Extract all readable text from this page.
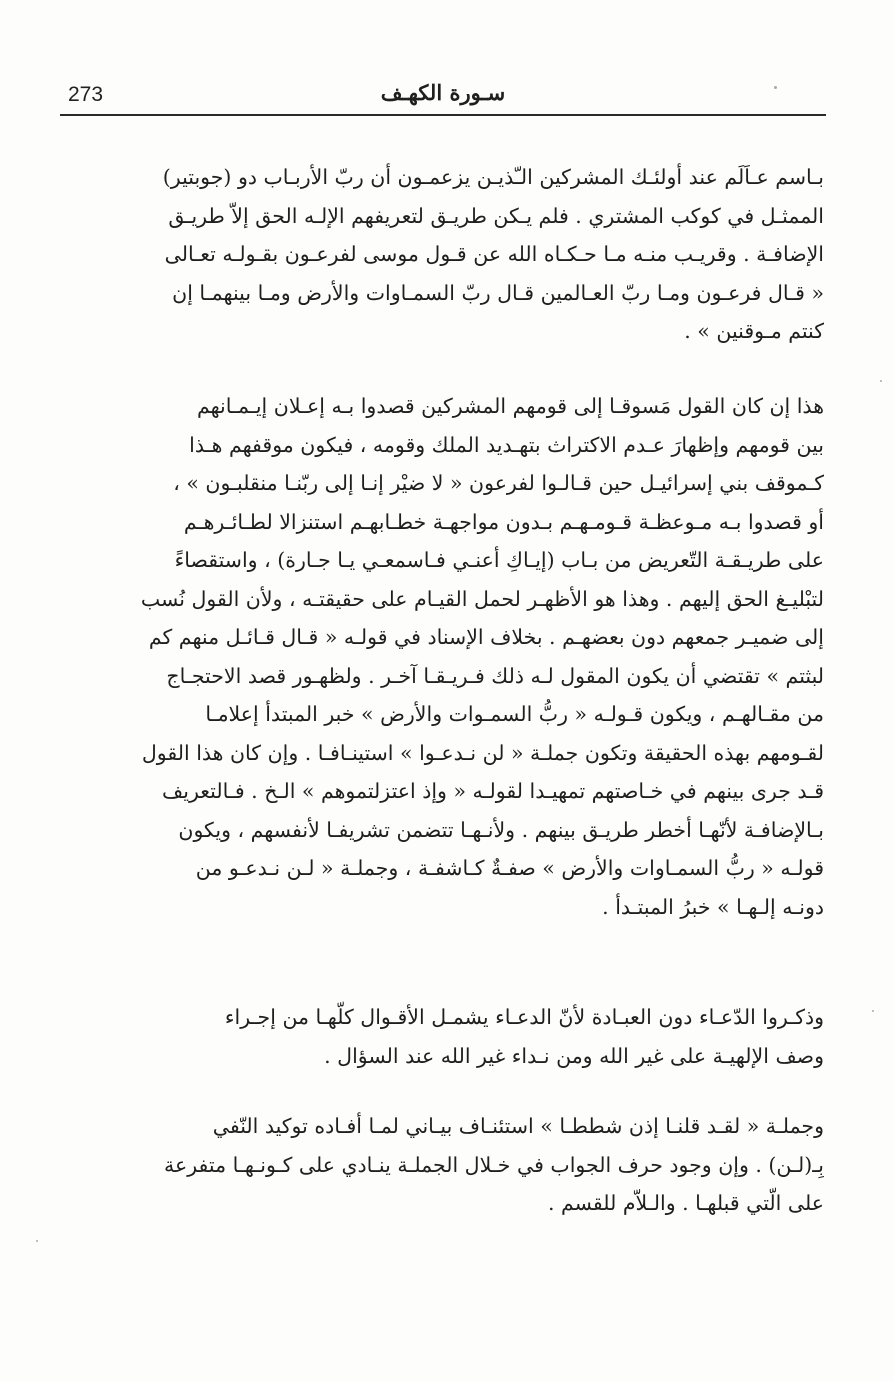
273	سـورة الكهـف
بـاسم عـاَلَم عند أولئـك المشركين الـّذيـن يزعمـون أن ربّ الأربـاب دو (جوبتير)
الممثـل في كوكب المشتري . فلم يـكن طريـق لتعريفهم الإلـه الحق إلاّ طريـق
الإضافـة . وقريـب منـه مـا حـكـاه الله عن قـول موسى لفرعـون بقـولـه تعـالى
« قـال فرعـون ومـا ربّ العـالمين قـال ربّ السمـاوات والأرض ومـا بينهمـا إن
كنتم مـوقنين » .
هذا إن كان القول مَسوقـا إلى قومهم المشركين قصدوا بـه إعـلان إيـمـانهم
بين قومهم وإظهارَ عـدم الاكتراث بتهـديد الملك وقومه ، فيكون موقفهم هـذا
كـموقف بني إسرائيـل حين قـالـوا لفرعون « لا ضيْر إنـا إلى ربّنـا منقلبـون » ،
أو قصدوا بـه مـوعظـة قـومـهـم بـدون مواجهـة خطـابهـم استنزالا لطـائـرهـم
على طريـقـة التّعريض من بـاب (إيـاكِ أعنـي فـاسمعـي يـا جـارة) ، واستقصاءً
لتبْليـغ الحق إليهم . وهذا هو الأظهـر لحمل القيـام على حقيقتـه ، ولأن القول نُسب
إلى ضميـر جمعهم دون بعضهـم . بخلاف الإسناد في قولـه « قـال قـائـل منهم كم
لبثتم » تقتضي أن يكون المقول لـه ذلك فـريـقـا آخـر . ولظهـور قصد الاحتجـاج
من مقـالهـم ، ويكون قـولـه « ربُّ السمـوات والأرض » خبر المبتدأ إعلامـا
لقـومهم بهذه الحقيقة وتكون جملـة « لن نـدعـوا » استينـافـا . وإن كان هذا القول
قـد جرى بينهم في خـاصتهم تمهيـدا لقولـه « وإذ اعتزلتموهم » الـخ . فـالتعريف
بـالإضافـة لأنّهـا أخطر طريـق بينهم . ولأنـهـا تتضمن تشريفـا لأنفسهم ، ويكون
قولـه « ربُّ السمـاوات والأرض » صفـةٌ كـاشفـة ، وجملـة « لـن نـدعـو من
دونـه إلـهـا » خبرُ المبتـدأ .
وذكـروا الدّعـاء دون العبـادة لأنّ الدعـاء يشمـل الأقـوال كلّهـا من إجـراء
وصف الإلهيـة على غير الله ومن نـداء غير الله عند السؤال .
وجملـة « لقـد قلنـا إذن شططـا » استئنـاف بيـاني لمـا أفـاده توكيد النّفي
بِـ(لـن) . وإن وجود حرف الجواب في خـلال الجملـة ينـادي على كـونـهـا متفرعة
على الّتي قبلهـا . والـلاّم للقسم .
